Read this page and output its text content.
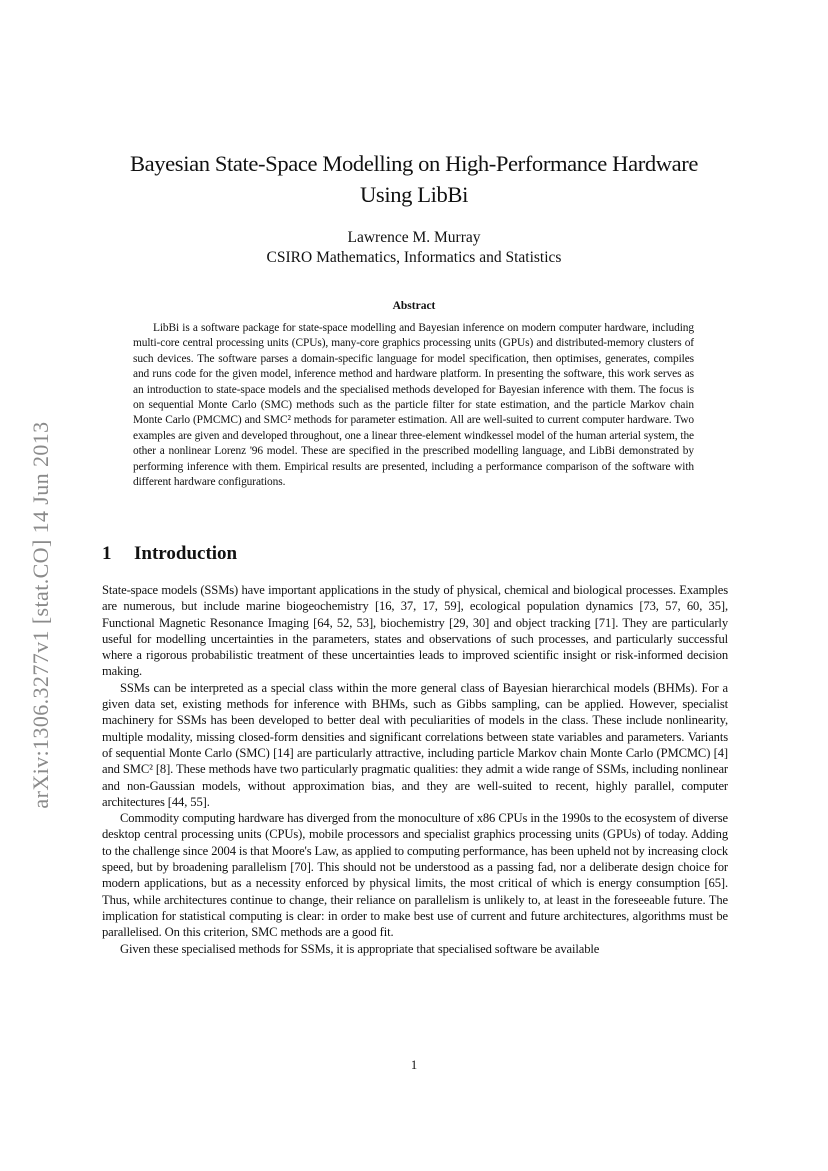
arXiv:1306.3277v1 [stat.CO] 14 Jun 2013
Bayesian State-Space Modelling on High-Performance Hardware
Using LibBi
Lawrence M. Murray
CSIRO Mathematics, Informatics and Statistics
Abstract
LibBi is a software package for state-space modelling and Bayesian inference on modern computer hardware, including multi-core central processing units (CPUs), many-core graphics processing units (GPUs) and distributed-memory clusters of such devices. The software parses a domain-specific language for model specification, then optimises, generates, compiles and runs code for the given model, inference method and hardware platform. In presenting the software, this work serves as an introduction to state-space models and the specialised methods developed for Bayesian inference with them. The focus is on sequential Monte Carlo (SMC) methods such as the particle filter for state estimation, and the particle Markov chain Monte Carlo (PMCMC) and SMC² methods for parameter estimation. All are well-suited to current computer hardware. Two examples are given and developed throughout, one a linear three-element windkessel model of the human arterial system, the other a nonlinear Lorenz '96 model. These are specified in the prescribed modelling language, and LibBi demonstrated by performing inference with them. Empirical results are presented, including a performance comparison of the software with different hardware configurations.
1 Introduction

State-space models (SSMs) have important applications in the study of physical, chemical and biological processes. Examples are numerous, but include marine biogeochemistry [16, 37, 17, 59], ecological population dynamics [73, 57, 60, 35], Functional Magnetic Resonance Imaging [64, 52, 53], biochemistry [29, 30] and object tracking [71]. They are particularly useful for modelling uncertainties in the parameters, states and observations of such processes, and particularly successful where a rigorous probabilistic treatment of these uncertainties leads to improved scientific insight or risk-informed decision making.

SSMs can be interpreted as a special class within the more general class of Bayesian hierarchical models (BHMs). For a given data set, existing methods for inference with BHMs, such as Gibbs sampling, can be applied. However, specialist machinery for SSMs has been developed to better deal with peculiarities of models in the class. These include nonlinearity, multiple modality, missing closed-form densities and significant correlations between state variables and parameters. Variants of sequential Monte Carlo (SMC) [14] are particularly attractive, including particle Markov chain Monte Carlo (PMCMC) [4] and SMC² [8]. These methods have two particularly pragmatic qualities: they admit a wide range of SSMs, including nonlinear and non-Gaussian models, without approximation bias, and they are well-suited to recent, highly parallel, computer architectures [44, 55].

Commodity computing hardware has diverged from the monoculture of x86 CPUs in the 1990s to the ecosystem of diverse desktop central processing units (CPUs), mobile processors and specialist graphics processing units (GPUs) of today. Adding to the challenge since 2004 is that Moore's Law, as applied to computing performance, has been upheld not by increasing clock speed, but by broadening parallelism [70]. This should not be understood as a passing fad, nor a deliberate design choice for modern applications, but as a necessity enforced by physical limits, the most critical of which is energy consumption [65]. Thus, while architectures continue to change, their reliance on parallelism is unlikely to, at least in the foreseeable future. The implication for statistical computing is clear: in order to make best use of current and future architectures, algorithms must be parallelised. On this criterion, SMC methods are a good fit.

Given these specialised methods for SSMs, it is appropriate that specialised software be available

1
